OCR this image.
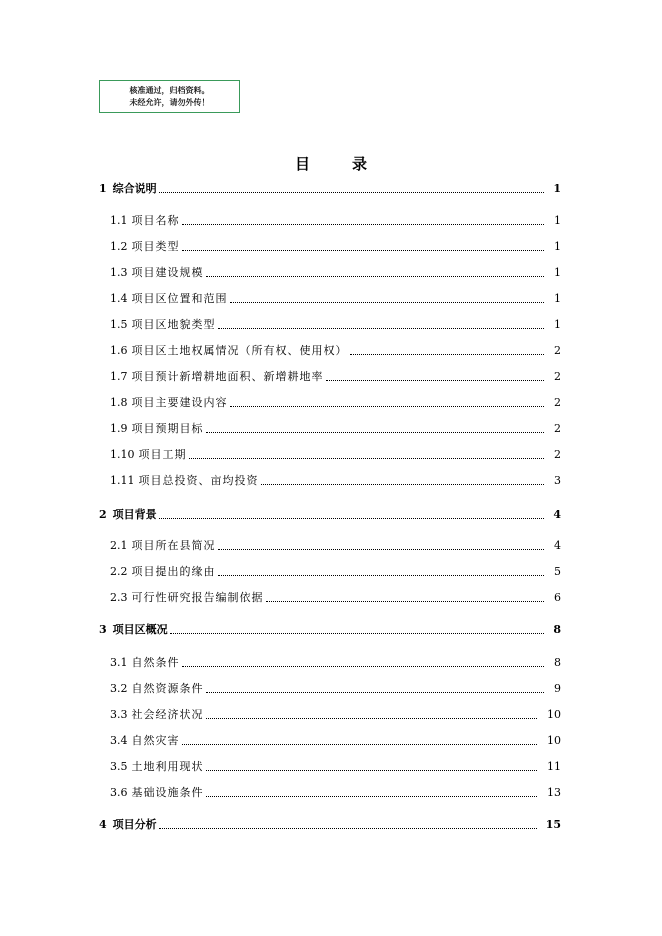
核准通过，归档资料。
未经允许，请勿外传！
目	录
1 综合说明	1
1.1 项目名称	1
1.2 项目类型	1
1.3 项目建设规模	1
1.4 项目区位置和范围	1
1.5 项目区地貌类型	1
1.6 项目区土地权属情况（所有权、使用权）	2
1.7 项目预计新增耕地面积、新增耕地率	2
1.8 项目主要建设内容	2
1.9 项目预期目标	2
1.10 项目工期	2
1.11 项目总投资、亩均投资	3
2 项目背景	4
2.1 项目所在县简况	4
2.2 项目提出的缘由	5
2.3 可行性研究报告编制依据	6
3 项目区概况	8
3.1 自然条件	8
3.2 自然资源条件	9
3.3 社会经济状况	10
3.4 自然灾害	10
3.5 土地利用现状	11
3.6 基础设施条件	13
4 项目分析	15
